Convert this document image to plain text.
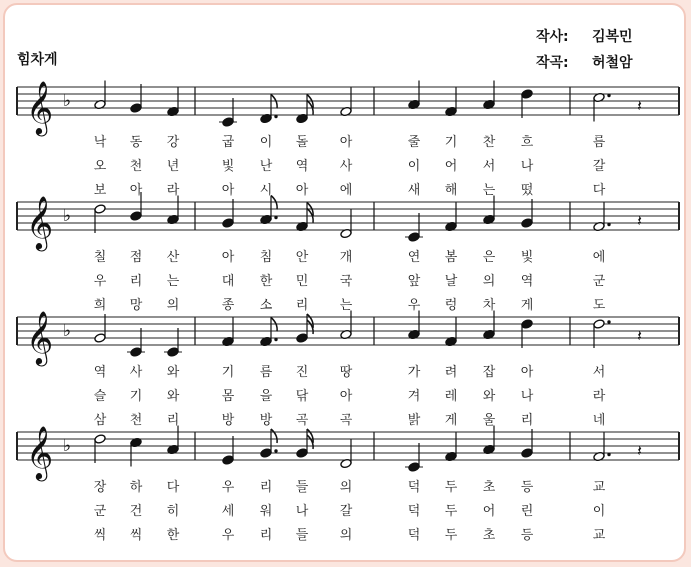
작사: 김복민
작곡: 허철암
힘차게
𝄞 ♭	𝄽
낙 동 강	굽 이 돌 아	줄 기 찬 흐	름
오 천 년	빛 난 역 사	이 어 서 나	갈
보 아 라	아 시 아 에	새 해 는 떴	다
𝄞 ♭	𝄽
칠 점 산	아 침 안 개	연 봄 은 빛	에
우 리 는	대 한 민 국	앞 날 의 역	군
희 망 의	종 소 리 는	우 렁 차 게	도
𝄞 ♭	𝄽
역 사 와	기 름 진 땅	가 려 잡 아	서
슬 기 와	몸 을 닦 아	겨 레 와 나	라
삼 천 리	방 방 곡 곡	밝 게 울 리	네
𝄞 ♭	𝄽
장 하 다	우 리 들 의	덕 두 초 등	교
군 건 히	세 워 나 갈	덕 두 어 린	이
씩 씩 한	우 리 들 의	덕 두 초 등	교
